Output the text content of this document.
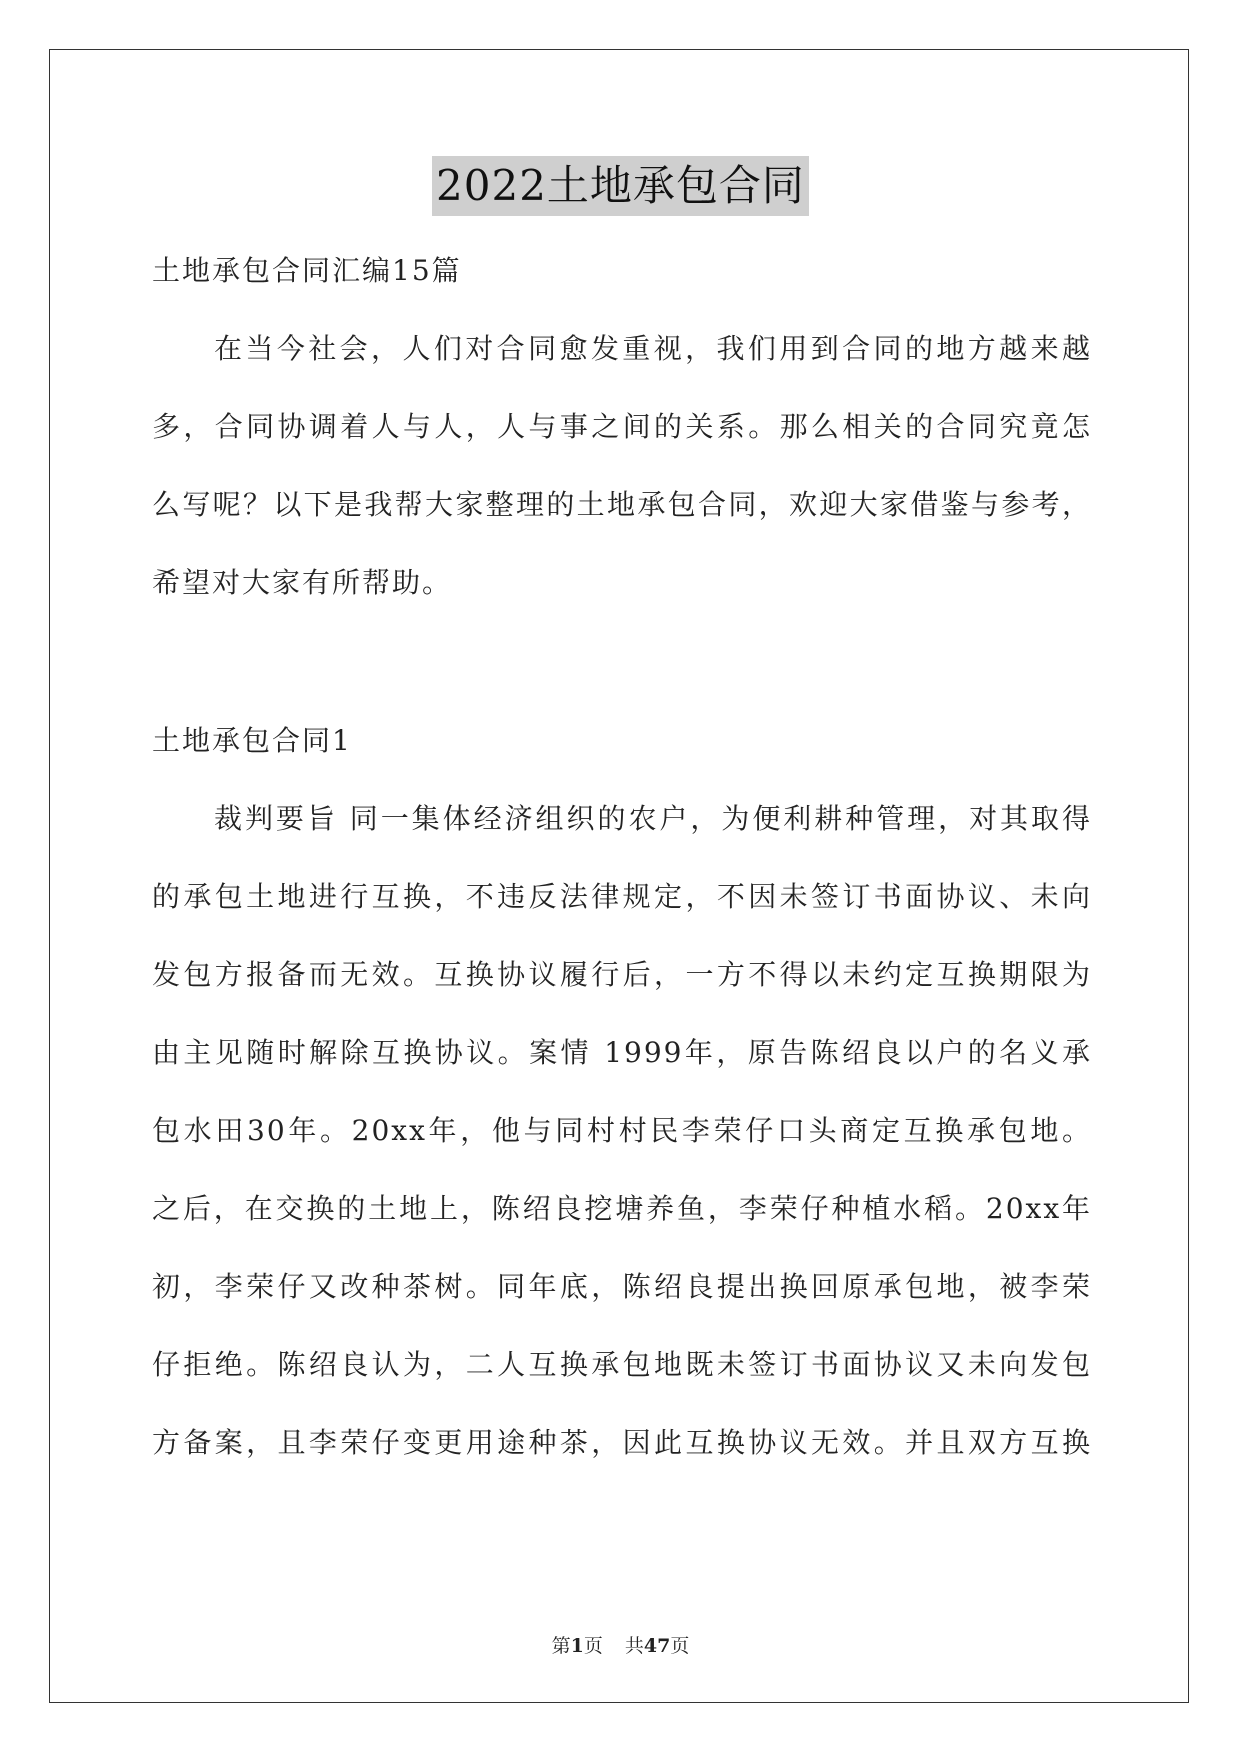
2022土地承包合同
土地承包合同汇编15篇
在当今社会，人们对合同愈发重视，我们用到合同的地方越来越
多，合同协调着人与人，人与事之间的关系。那么相关的合同究竟怎
么写呢？以下是我帮大家整理的土地承包合同，欢迎大家借鉴与参考，
希望对大家有所帮助。
土地承包合同1
裁判要旨 同一集体经济组织的农户，为便利耕种管理，对其取得
的承包土地进行互换，不违反法律规定，不因未签订书面协议、未向
发包方报备而无效。互换协议履行后，一方不得以未约定互换期限为
由主见随时解除互换协议。案情 1999年，原告陈绍良以户的名义承
包水田30年。20xx年，他与同村村民李荣仔口头商定互换承包地。
之后，在交换的土地上，陈绍良挖塘养鱼，李荣仔种植水稻。20xx年
初，李荣仔又改种茶树。同年底，陈绍良提出换回原承包地，被李荣
仔拒绝。陈绍良认为，二人互换承包地既未签订书面协议又未向发包
方备案，且李荣仔变更用途种茶，因此互换协议无效。并且双方互换
第1页 共47页
